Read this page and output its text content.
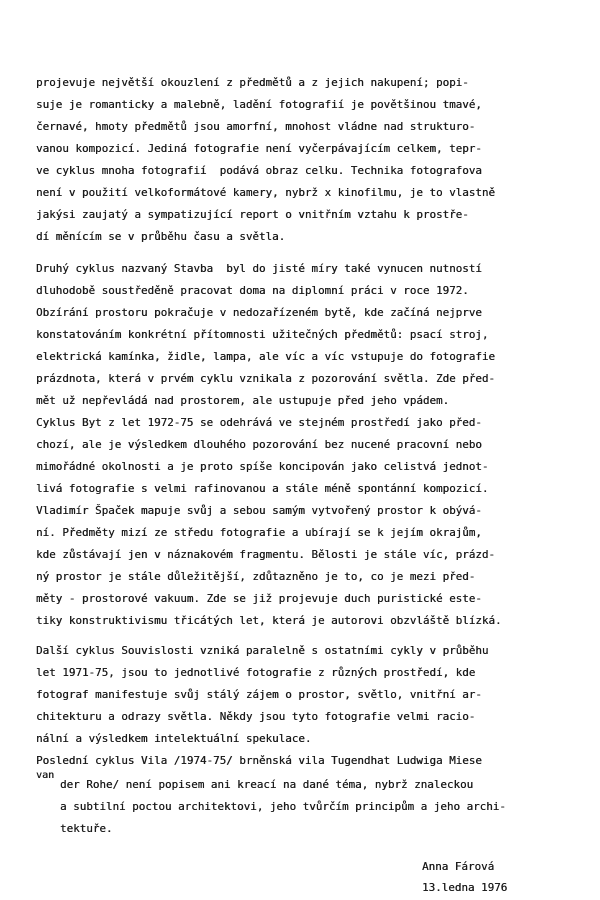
projevuje největší okouzlení z předmětů a z jejich nakupení; popi-
suje je romanticky a malebně, ladění fotografií je povětšinou tmavé,
černavé, hmoty předmětů jsou amorfní, mnohost vládne nad strukturo-
vanou kompozicí. Jediná fotografie není vyčerpávajícím celkem, tepr-
ve cyklus mnoha fotografií  podává obraz celku. Technika fotografova
není v použití velkoformátové kamery, nybrž x kinofilmu, je to vlastně
jakýsi zaujatý a sympatizující report o vnitřním vztahu k prostře-
dí měnícím se v průběhu času a světla.
Druhý cyklus nazvaný Stavba  byl do jisté míry také vynucen nutností
dluhodobě soustředěně pracovat doma na diplomní práci v roce 1972.
Obzírání prostoru pokračuje v nedozařízeném bytě, kde začíná nejprve
konstatováním konkrétní přítomnosti užitečných předmětů: psací stroj,
elektrická kamínka, židle, lampa, ale víc a víc vstupuje do fotografie
prázdnota, která v prvém cyklu vznikala z pozorování světla. Zde před-
mět už nepřevládá nad prostorem, ale ustupuje před jeho vpádem.
Cyklus Byt z let 1972-75 se odehrává ve stejném prostředí jako před-
chozí, ale je výsledkem dlouhého pozorování bez nucené pracovní nebo
mimořádné okolnosti a je proto spíše koncipován jako celistvá jednot-
livá fotografie s velmi rafinovanou a stále méně spontánní kompozicí.
Vladimír Špaček mapuje svůj a sebou samým vytvořený prostor k obývá-
ní. Předměty mizí ze středu fotografie a ubírají se k jejím okrajům,
kde zůstávají jen v náznakovém fragmentu. Bělosti je stále víc, prázd-
ný prostor je stále důležitější, zdůtazněno je to, co je mezi před-
měty - prostorové vakuum. Zde se již projevuje duch puristické este-
tiky konstruktivismu třicátých let, která je autorovi obzvláště blízká.
Další cyklus Souvislosti vzniká paralelně s ostatními cykly v průběhu
let 1971-75, jsou to jednotlivé fotografie z různých prostředí, kde
fotograf manifestuje svůj stálý zájem o prostor, světlo, vnitřní ar-
chitekturu a odrazy světla. Někdy jsou tyto fotografie velmi racio-
nální a výsledkem intelektuální spekulace.
Poslední cyklus Vila /1974-75/ brněnská vila Tugendhat Ludwiga Miese
van
der Rohe/ není popisem ani kreací na dané téma, nybrž znaleckou
a subtilní poctou architektovi, jeho tvůrčím principům a jeho archi-
tektuře.
Anna Fárová
13.ledna 1976
